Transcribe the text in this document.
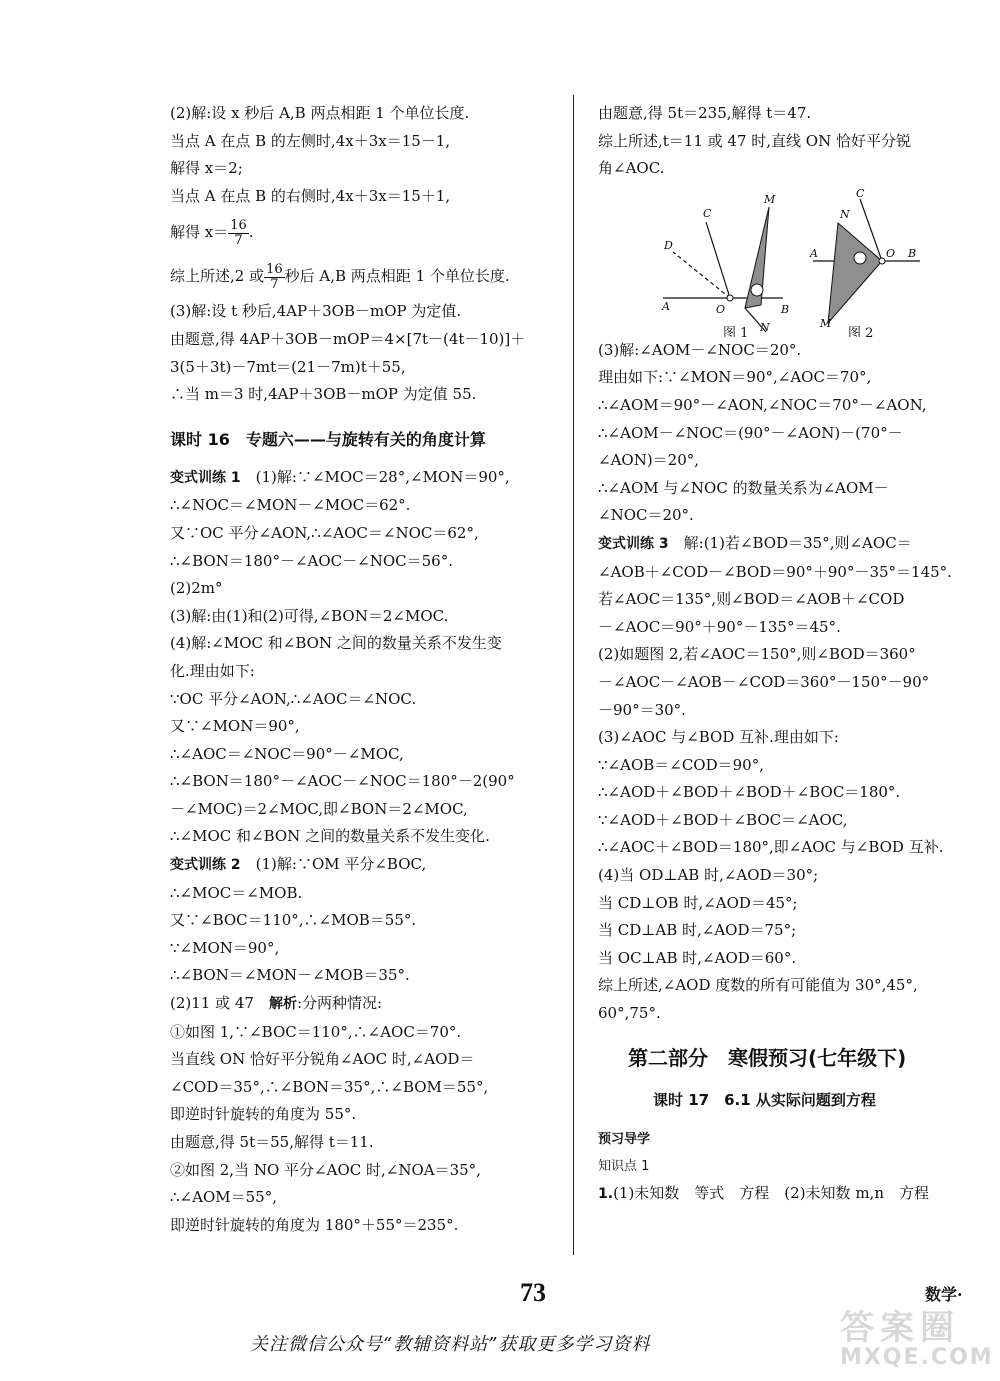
(2)解:设 x 秒后 A,B 两点相距 1 个单位长度.
当点 A 在点 B 的左侧时,4x＋3x＝15－1,
解得 x＝2;
当点 A 在点 B 的右侧时,4x＋3x＝15＋1,
解得 $x= \frac{16}{7}$ .
综上所述,2 或 $\frac{16}{7}$ 秒后 A,B 两点相距 1 个单位长度.
(3)解:设 t 秒后,4AP＋3OB－mOP 为定值.
由题意,得 4AP＋3OB－mOP＝4×[7t－(4t－10)]＋
3(5＋3t)－7mt＝(21－7m)t＋55,
∴当 m＝3 时,4AP＋3OB－mOP 为定值 55.
课时 16　专题六——与旋转有关的角度计算
变式训练 1　 (1)解:∵∠MOC＝28°,∠MON＝90°,
∴∠NOC＝∠MON－∠MOC＝62°.
又∵OC 平分∠AON,∴∠AOC＝∠NOC＝62°,
∴∠BON＝180°－∠AOC－∠NOC＝56°.
(2)2m°
(3)解:由(1)和(2)可得,∠BON＝2∠MOC.
(4)解:∠MOC 和∠BON 之间的数量关系不发生变
化.理由如下:
∵OC 平分∠AON,∴∠AOC＝∠NOC.
又∵∠MON＝90°,
∴∠AOC＝∠NOC＝90°－∠MOC,
∴∠BON＝180°－∠AOC－∠NOC＝180°－2(90°
－∠MOC)＝2∠MOC,即∠BON＝2∠MOC,
∴∠MOC 和∠BON 之间的数量关系不发生变化.
变式训练 2　 (1)解:∵OM 平分∠BOC,
∴∠MOC＝∠MOB.
又∵∠BOC＝110°,∴∠MOB＝55°.
∵∠MON＝90°,
∴∠BON＝∠MON－∠MOB＝35°.
(2)11 或 47　解析:分两种情况:
①如图 1,∵∠BOC＝110°,∴∠AOC＝70°.
当直线 ON 恰好平分锐角∠AOC 时,∠AOD＝
∠COD＝35°,∴∠BON＝35°,∴∠BOM＝55°,
即逆时针旋转的角度为 55°.
由题意,得 5t＝55,解得 t＝11.
②如图 2,当 NO 平分∠AOC 时,∠NOA＝35°,
∴∠AOM＝55°,
即逆时针旋转的角度为 180°＋55°＝235°.
由题意,得 5t＝235,解得 t＝47.
综上所述,t＝11 或 47 时,直线 ON 恰好平分锐
角∠AOC.
C
M
D
A	O	B
N
图 1
C
N
A	O B
M
图 2
(3)解:∠AOM－∠NOC＝20°.
理由如下:∵∠MON＝90°,∠AOC＝70°,
∴∠AOM＝90°－∠AON,∠NOC＝70°－∠AON,
∴∠AOM－∠NOC＝(90°－∠AON)－(70°－
∠AON)＝20°,
∴∠AOM 与∠NOC 的数量关系为∠AOM－
∠NOC＝20°.
变式训练 3　 解:(1)若∠BOD＝35°,则∠AOC＝
∠AOB＋∠COD－∠BOD＝90°＋90°－35°＝145°.
若∠AOC＝135°,则∠BOD＝∠AOB＋∠COD
－∠AOC＝90°＋90°－135°＝45°.
(2)如题图 2,若∠AOC＝150°,则∠BOD＝360°
－∠AOC－∠AOB－∠COD＝360°－150°－90°
－90°＝30°.
(3)∠AOC 与∠BOD 互补.理由如下:
∵∠AOB＝∠COD＝90°,
∴∠AOD＋∠BOD＋∠BOD＋∠BOC＝180°.
∵∠AOD＋∠BOD＋∠BOC＝∠AOC,
∴∠AOC＋∠BOD＝180°,即∠AOC 与∠BOD 互补.
(4)当 OD⊥AB 时,∠AOD＝30°;
当 CD⊥OB 时,∠AOD＝45°;
当 CD⊥AB 时,∠AOD＝75°;
当 OC⊥AB 时,∠AOD＝60°.
综上所述,∠AOD 度数的所有可能值为 30°,45°,
60°,75°.
第二部分　寒假预习(七年级下)
课时 17　6.1 从实际问题到方程
预习导学
知识点 1
1.(1)未知数　等式　方程　(2)未知数 m,n　方程
73	数学·
答案圈
MXQE.COM
关注微信公众号“教辅资料站”获取更多学习资料
